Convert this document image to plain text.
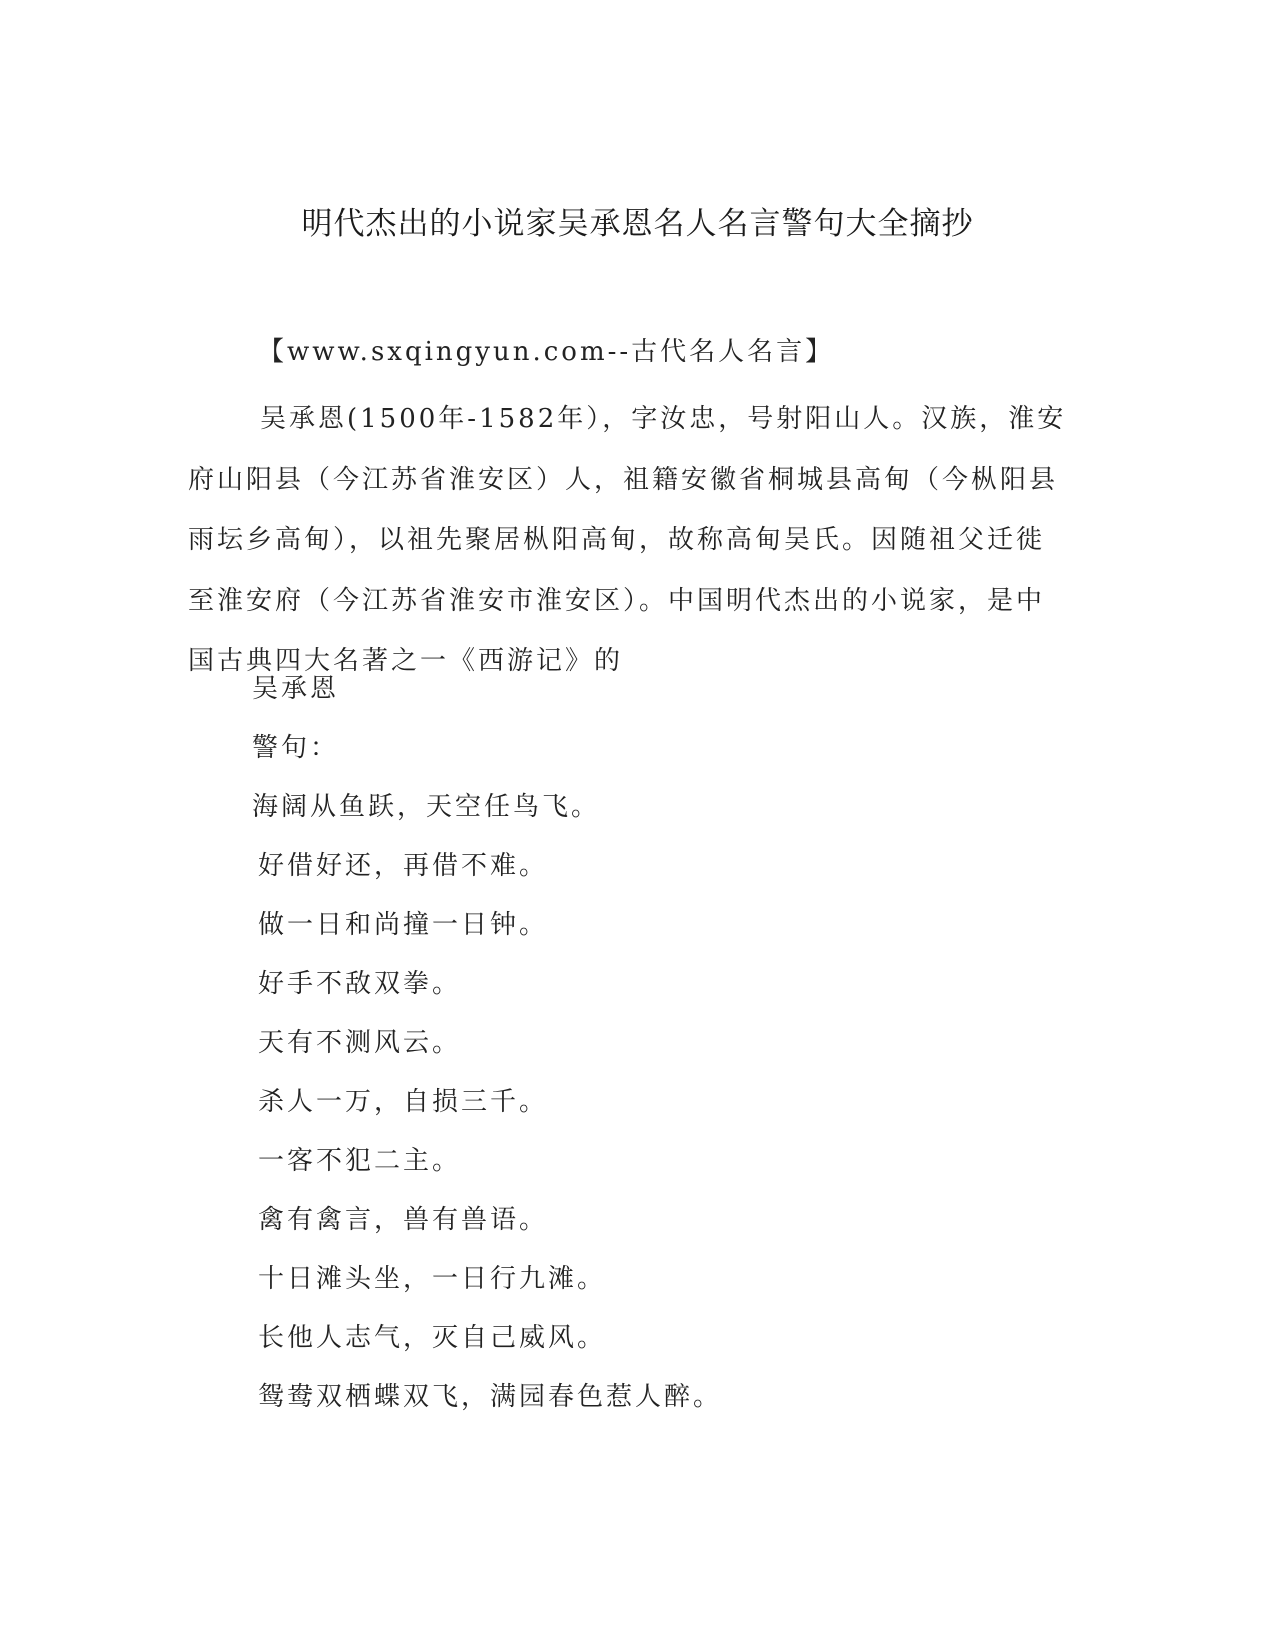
明代杰出的小说家吴承恩名人名言警句大全摘抄
【www.sxqingyun.com--古代名人名言】

吴承恩(1500年-1582年），字汝忠，号射阳山人。汉族，淮安府山阳县（今江苏省淮安区）人，祖籍安徽省桐城县高甸（今枞阳县雨坛乡高甸），以祖先聚居枞阳高甸，故称高甸吴氏。因随祖父迁徙至淮安府（今江苏省淮安市淮安区）。中国明代杰出的小说家，是中国古典四大名著之一《西游记》的

吴承恩
警句：
海阔从鱼跃，天空任鸟飞。
好借好还，再借不难。
做一日和尚撞一日钟。
好手不敌双拳。
天有不测风云。
杀人一万，自损三千。
一客不犯二主。
禽有禽言，兽有兽语。
十日滩头坐，一日行九滩。
长他人志气，灭自己威风。
鸳鸯双栖蝶双飞，满园春色惹人醉。
